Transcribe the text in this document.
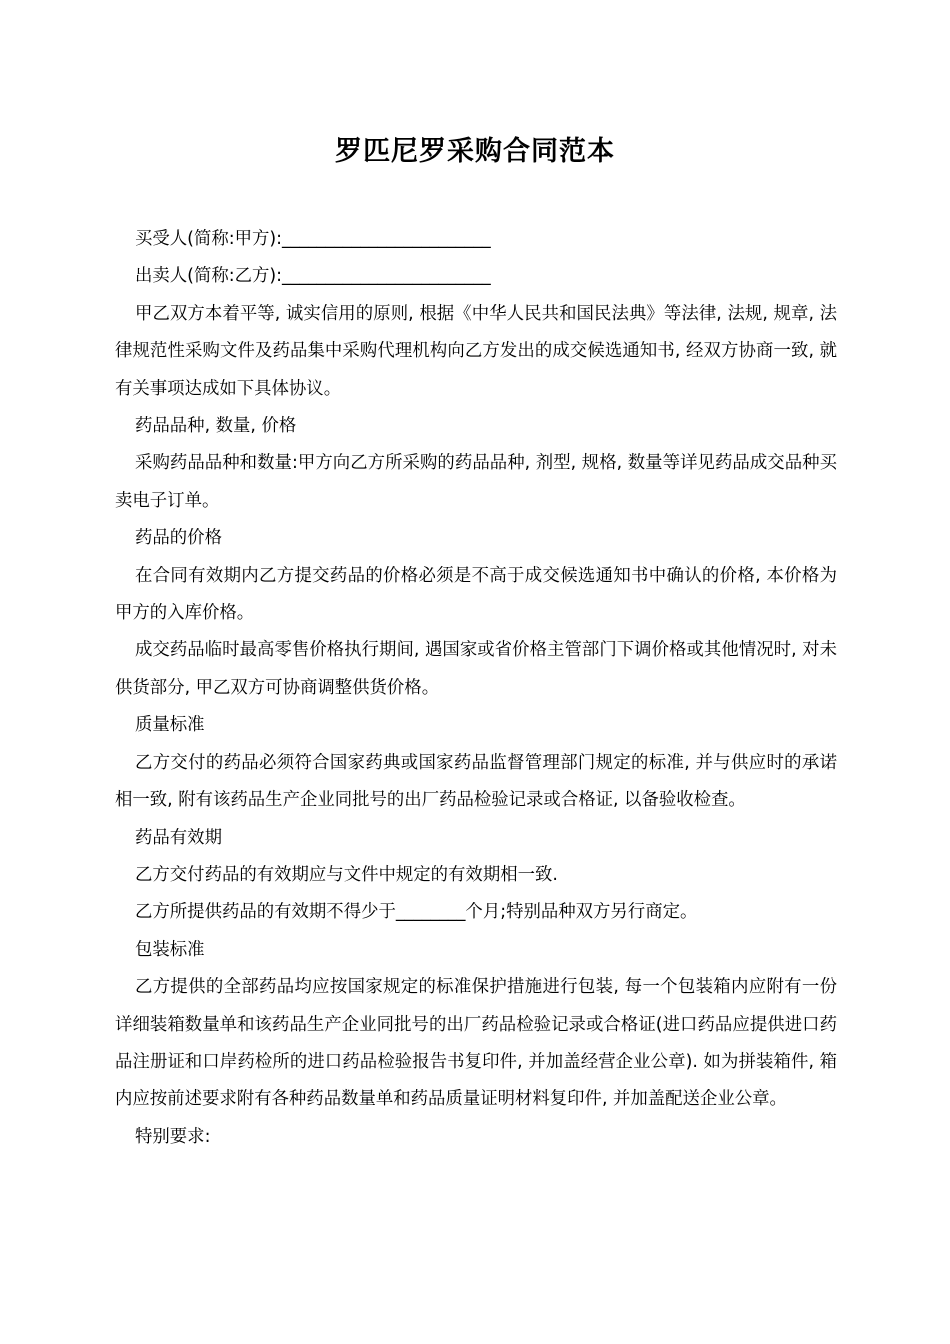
罗匹尼罗采购合同范本

买受人(简称:甲方):________________________

出卖人(简称:乙方):________________________

甲乙双方本着平等, 诚实信用的原则, 根据《中华人民共和国民法典》等法律, 法规, 规章, 法律规范性采购文件及药品集中采购代理机构向乙方发出的成交候选通知书, 经双方协商一致, 就有关事项达成如下具体协议。

药品品种, 数量, 价格

采购药品品种和数量:甲方向乙方所采购的药品品种, 剂型, 规格, 数量等详见药品成交品种买卖电子订单。

药品的价格

在合同有效期内乙方提交药品的价格必须是不高于成交候选通知书中确认的价格, 本价格为甲方的入库价格。

成交药品临时最高零售价格执行期间, 遇国家或省价格主管部门下调价格或其他情况时, 对未供货部分, 甲乙双方可协商调整供货价格。

质量标准

乙方交付的药品必须符合国家药典或国家药品监督管理部门规定的标准, 并与供应时的承诺相一致, 附有该药品生产企业同批号的出厂药品检验记录或合格证, 以备验收检查。

药品有效期

乙方交付药品的有效期应与文件中规定的有效期相一致.

乙方所提供药品的有效期不得少于________个月;特别品种双方另行商定。

包装标准

乙方提供的全部药品均应按国家规定的标准保护措施进行包装, 每一个包装箱内应附有一份详细装箱数量单和该药品生产企业同批号的出厂药品检验记录或合格证(进口药品应提供进口药品注册证和口岸药检所的进口药品检验报告书复印件, 并加盖经营企业公章). 如为拼装箱件, 箱内应按前述要求附有各种药品数量单和药品质量证明材料复印件, 并加盖配送企业公章。

特别要求:
